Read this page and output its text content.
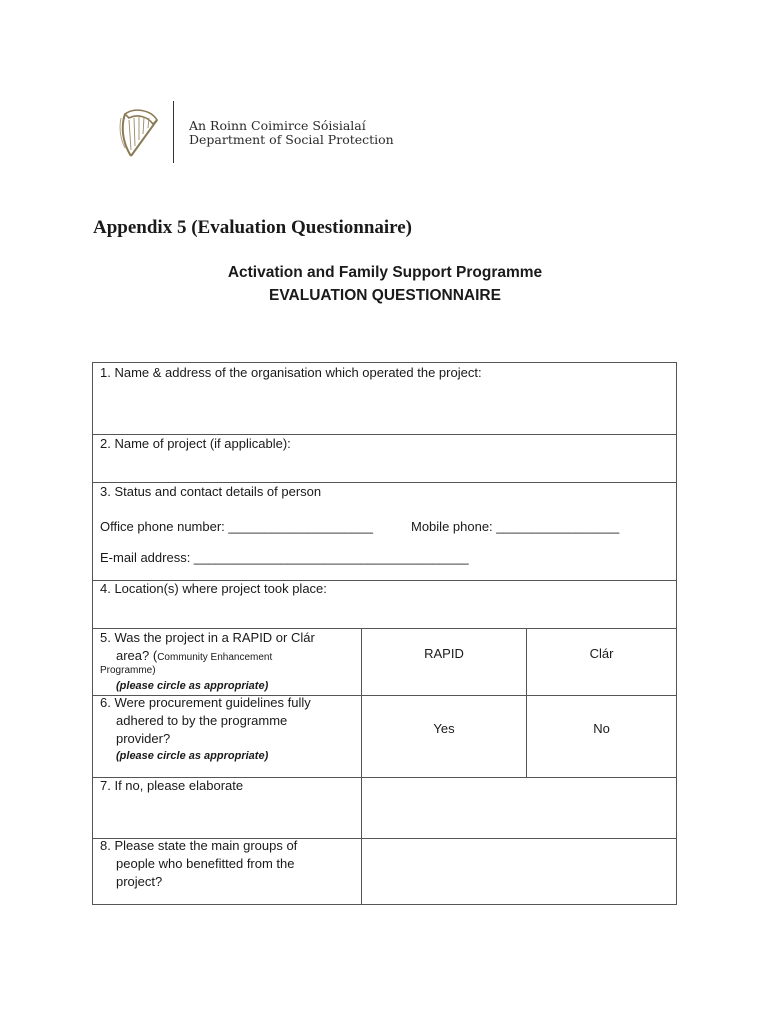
An Roinn Coimirce Sóisialaí
Department of Social Protection
Appendix 5 (Evaluation Questionnaire)
Activation and Family Support Programme
EVALUATION QUESTIONNAIRE
1. Name & address of the organisation which operated the project:
2. Name of project (if applicable):
3. Status and contact details of person
Office phone number: ____________________	Mobile phone: _________________
E-mail address: ______________________________________
4. Location(s) where project took place:
5. Was the project in a RAPID or Clár
area? (Community Enhancement
Programme)
(please circle as appropriate)
RAPID	Clár
6. Were procurement guidelines fully
adhered to by the programme
provider?
(please circle as appropriate)
Yes	No
7. If no, please elaborate
8. Please state the main groups of
people who benefitted from the
project?
